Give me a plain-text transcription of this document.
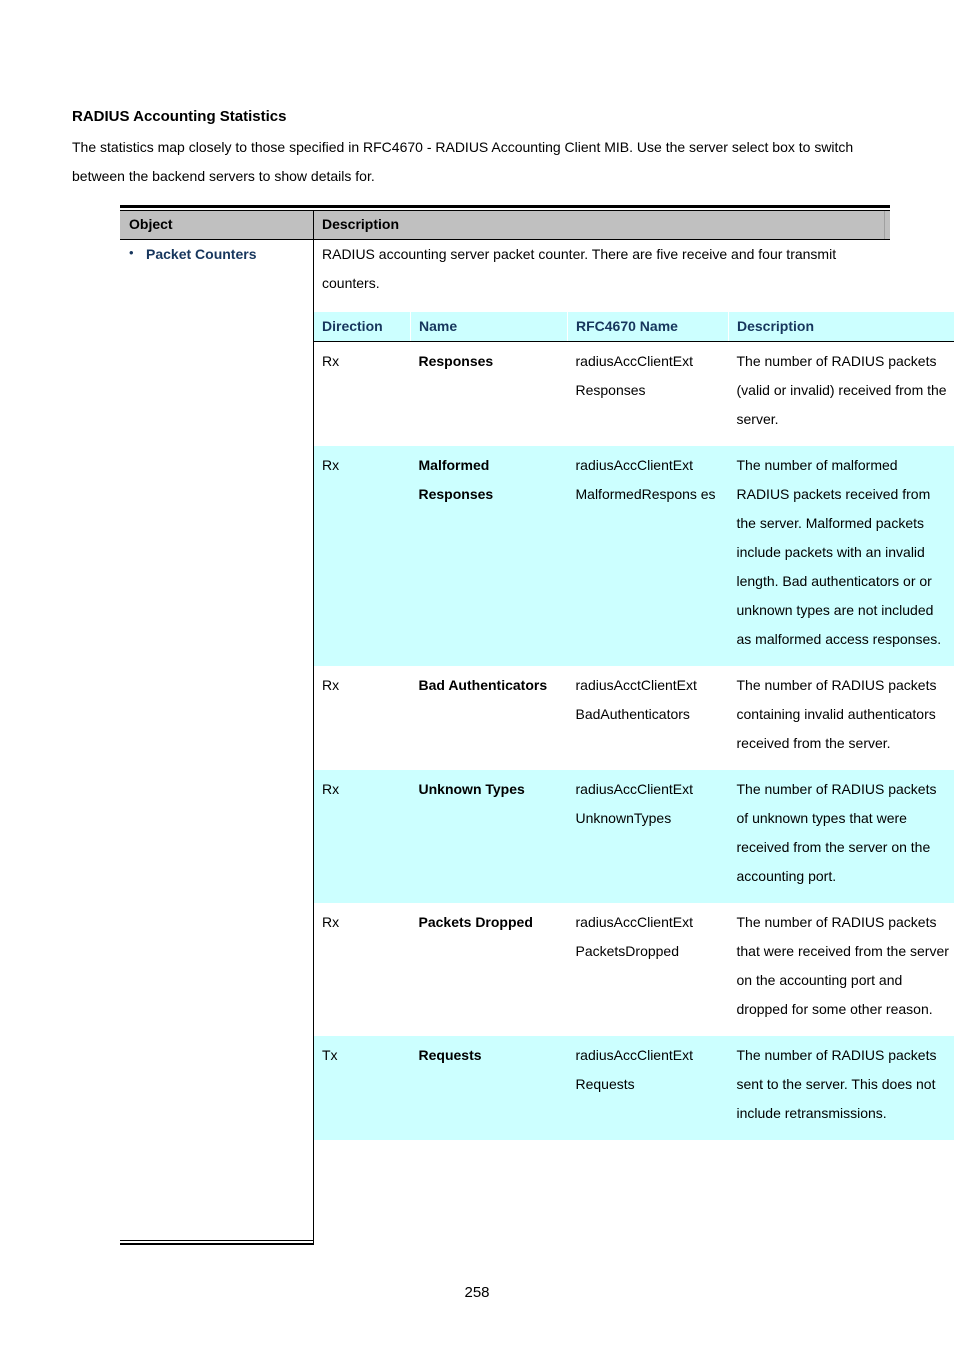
RADIUS Accounting Statistics
The statistics map closely to those specified in RFC4670 - RADIUS Accounting Client MIB. Use the server select box to switch between the backend servers to show details for.
Object	Description
• Packet Counters	RADIUS accounting server packet counter. There are five receive and four transmit counters.
Direction	Name	RFC4670 Name	Description
Rx	Responses	radiusAccClientExt Responses	The number of RADIUS packets (valid or invalid) received from the server.
Rx	Malformed Responses	radiusAccClientExt MalformedRespons es	The number of malformed RADIUS packets received from the server. Malformed packets include packets with an invalid length. Bad authenticators or or unknown types are not included as malformed access responses.
Rx	Bad Authenticators	radiusAcctClientExt BadAuthenticators	The number of RADIUS packets containing invalid authenticators received from the server.
Rx	Unknown Types	radiusAccClientExt UnknownTypes	The number of RADIUS packets of unknown types that were received from the server on the accounting port.
Rx	Packets Dropped	radiusAccClientExt PacketsDropped	The number of RADIUS packets that were received from the server on the accounting port and dropped for some other reason.
Tx	Requests	radiusAccClientExt Requests	The number of RADIUS packets sent to the server. This does not include retransmissions.
258
